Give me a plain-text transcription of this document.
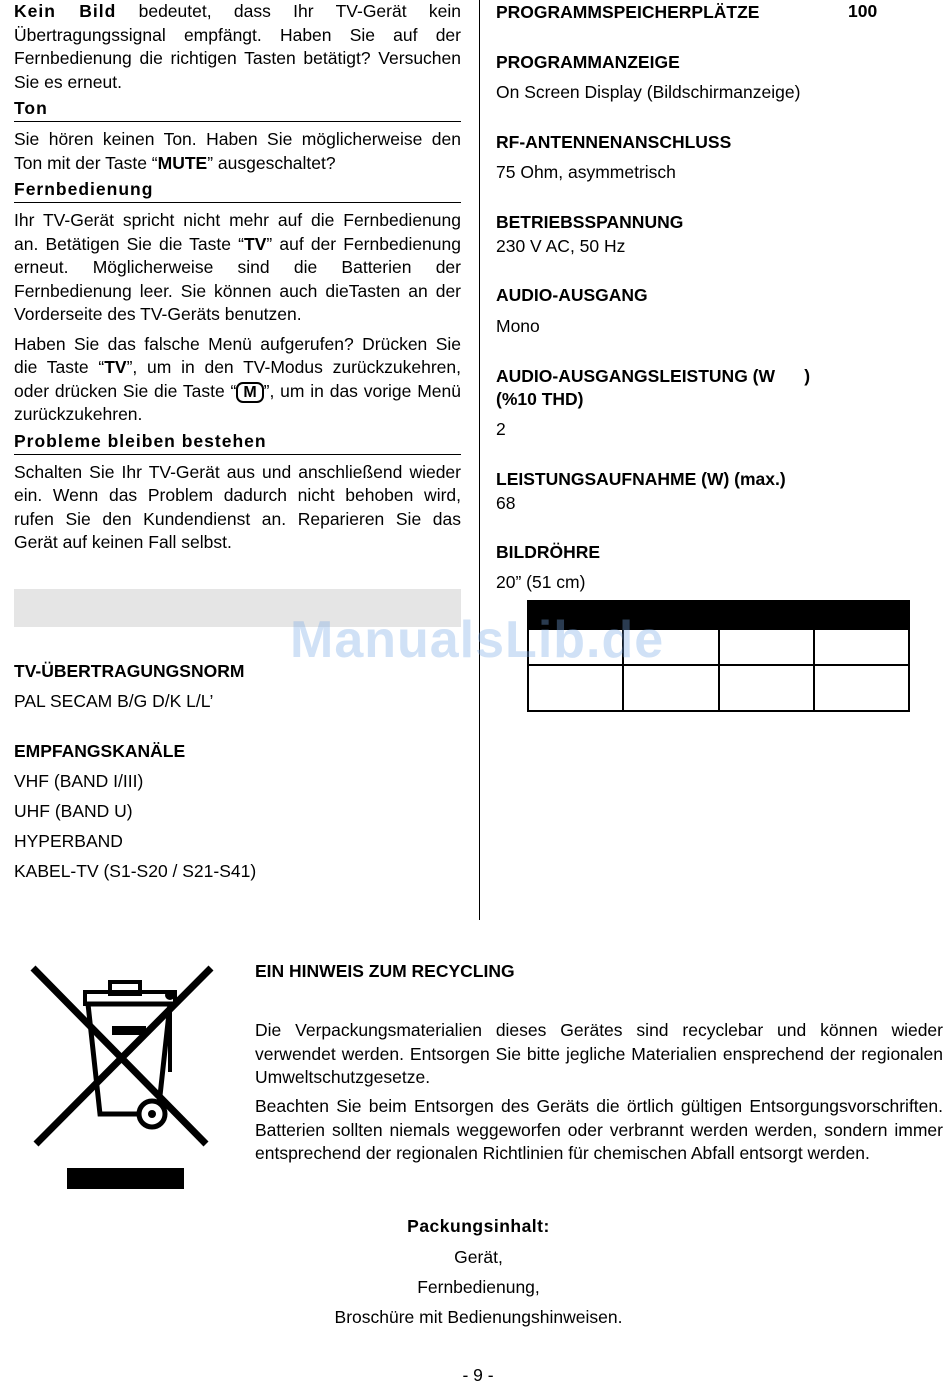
Kein Bild bedeutet, dass Ihr TV-Gerät kein Übertragungssignal empfängt. Haben Sie auf der Fernbedienung die richtigen Tasten betätigt? Versuchen Sie es erneut.

Ton

Sie hören keinen Ton. Haben Sie möglicherweise den Ton mit der Taste “MUTE” ausgeschaltet?

Fernbedienung

Ihr TV-Gerät spricht nicht mehr auf die Fernbedienung an. Betätigen Sie die Taste “TV” auf der Fernbedienung erneut. Möglicherweise sind die Batterien der Fernbedienung leer. Sie können auch dieTasten an der Vorderseite des TV-Geräts benutzen.

Haben Sie das falsche Menü aufgerufen? Drücken Sie die Taste “TV”, um in den TV-Modus zurückzukehren, oder drücken Sie die Taste “ M ”, um in das vorige Menü zurückzukehren.

Probleme bleiben bestehen

Schalten Sie Ihr TV-Gerät aus und anschließend wieder ein. Wenn das Problem dadurch nicht behoben wird, rufen Sie den Kundendienst an. Reparieren Sie das Gerät auf keinen Fall selbst.

TV-ÜBERTRAGUNGSNORM
PAL SECAM B/G D/K L/L’
EMPFANGSKANÄLE
VHF (BAND I/III)
UHF (BAND U)
HYPERBAND
KABEL-TV (S1-S20 / S21-S41)
PROGRAMMSPEICHERPLÄTZE	100
PROGRAMMANZEIGE
On Screen Display (Bildschirmanzeige)
RF-ANTENNENANSCHLUSS
75 Ohm, asymmetrisch
BETRIEBSSPANNUNG
230 V AC, 50 Hz
AUDIO-AUSGANG
Mono
AUDIO-AUSGANGSLEISTUNG (W      )
(%10 THD)
2
LEISTUNGSAUFNAHME (W) (max.)
68
BILDRÖHRE
20” (51 cm)

ManualsLib.de
EIN HINWEIS ZUM RECYCLING

Die Verpackungsmaterialien dieses Gerätes sind recyclebar und können wieder verwendet werden. Entsorgen Sie bitte jegliche Materialien ensprechend der regionalen Umweltschutzgesetze.

Beachten Sie beim Entsorgen des Geräts die örtlich gültigen Entsorgungsvorschriften. Batterien sollten niemals weggeworfen oder verbrannt werden werden, sondern immer entsprechend der regionalen Richtlinien für chemischen Abfall entsorgt werden.

Packungsinhalt:
Gerät,
Fernbedienung,
Broschüre mit Bedienungshinweisen.
- 9 -
